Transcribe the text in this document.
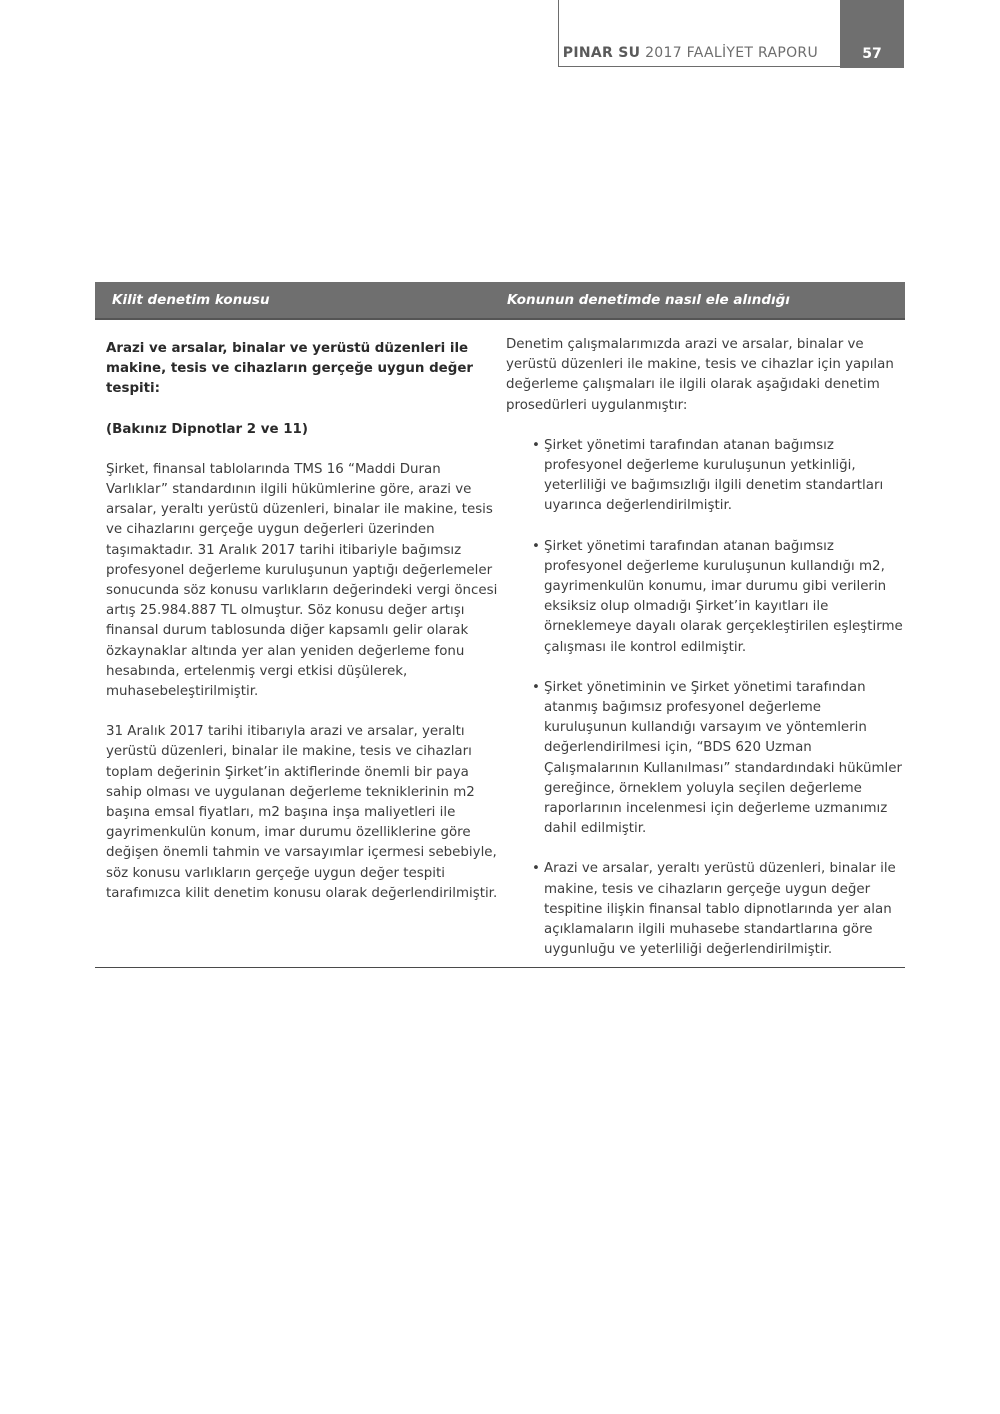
PINAR SU 2017 FAALİYET RAPORU	57
Kilit denetim konusu	Konunun denetimde nasıl ele alındığı

Arazi ve arsalar, binalar ve yerüstü düzenleri ile makine, tesis ve cihazların gerçeğe uygun değer tespiti:

(Bakınız Dipnotlar 2 ve 11)

Şirket, finansal tablolarında TMS 16 “Maddi Duran Varlıklar” standardının ilgili hükümlerine göre, arazi ve arsalar, yeraltı yerüstü düzenleri, binalar ile makine, tesis ve cihazlarını gerçeğe uygun değerleri üzerinden taşımaktadır. 31 Aralık 2017 tarihi itibariyle bağımsız profesyonel değerleme kuruluşunun yaptığı değerlemeler sonucunda söz konusu varlıkların değerindeki vergi öncesi artış 25.984.887 TL olmuştur. Söz konusu değer artışı finansal durum tablosunda diğer kapsamlı gelir olarak özkaynaklar altında yer alan yeniden değerleme fonu hesabında, ertelenmiş vergi etkisi düşülerek, muhasebeleştirilmiştir.

31 Aralık 2017 tarihi itibarıyla arazi ve arsalar, yeraltı yerüstü düzenleri, binalar ile makine, tesis ve cihazları toplam değerinin Şirket’in aktiflerinde önemli bir paya sahip olması ve uygulanan değerleme tekniklerinin m2 başına emsal fiyatları, m2 başına inşa maliyetleri ile gayrimenkulün konum, imar durumu özelliklerine göre değişen önemli tahmin ve varsayımlar içermesi sebebiyle, söz konusu varlıkların gerçeğe uygun değer tespiti tarafımızca kilit denetim konusu olarak değerlendirilmiştir.

Denetim çalışmalarımızda arazi ve arsalar, binalar ve yerüstü düzenleri ile makine, tesis ve cihazlar için yapılan değerleme çalışmaları ile ilgili olarak aşağıdaki denetim prosedürleri uygulanmıştır:

• Şirket yönetimi tarafından atanan bağımsız profesyonel değerleme kuruluşunun yetkinliği, yeterliliği ve bağımsızlığı ilgili denetim standartları uyarınca değerlendirilmiştir.
• Şirket yönetimi tarafından atanan bağımsız profesyonel değerleme kuruluşunun kullandığı m2, gayrimenkulün konumu, imar durumu gibi verilerin eksiksiz olup olmadığı Şirket’in kayıtları ile örneklemeye dayalı olarak gerçekleştirilen eşleştirme çalışması ile kontrol edilmiştir.
• Şirket yönetiminin ve Şirket yönetimi tarafından atanmış bağımsız profesyonel değerleme kuruluşunun kullandığı varsayım ve yöntemlerin değerlendirilmesi için, “BDS 620 Uzman Çalışmalarının Kullanılması” standardındaki hükümler gereğince, örneklem yoluyla seçilen değerleme raporlarının incelenmesi için değerleme uzmanımız dahil edilmiştir.
• Arazi ve arsalar, yeraltı yerüstü düzenleri, binalar ile makine, tesis ve cihazların gerçeğe uygun değer tespitine ilişkin finansal tablo dipnotlarında yer alan açıklamaların ilgili muhasebe standartlarına göre uygunluğu ve yeterliliği değerlendirilmiştir.
